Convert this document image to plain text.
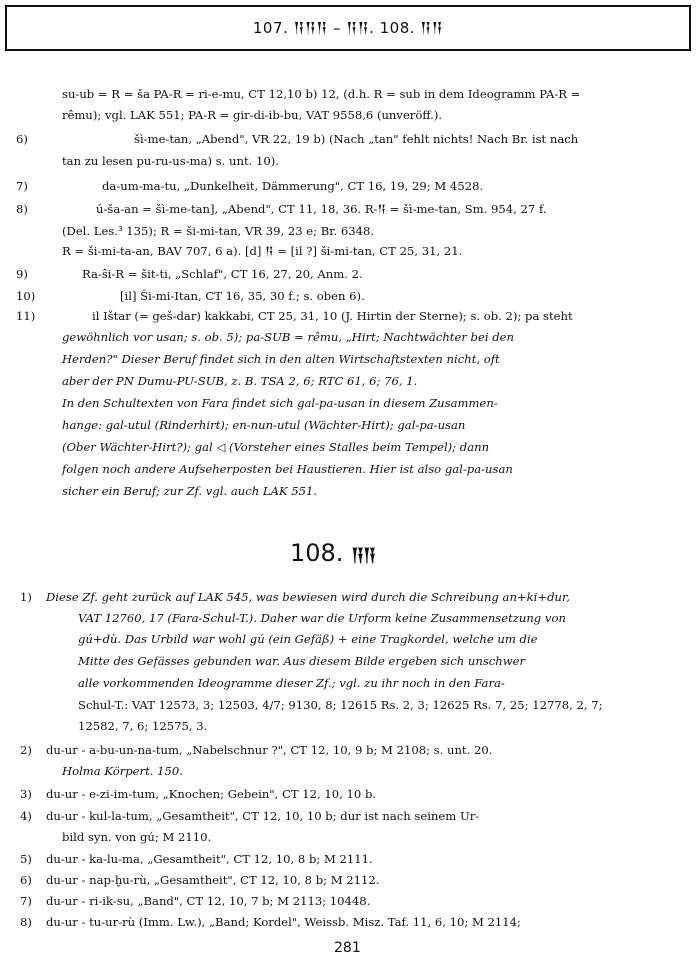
107. 𒀀𒀀𒀀 – 𒀀𒀀. 108. 𒀀𒀀
su-ub = R = ša PA-R = ri-e-mu, CT 12,10 b) 12, (d.h. R = sub in dem Ideogramm PA-R =
rêmu); vgl. LAK 551; PA-R = gir-di-ib-bu, VAT 9558,6 (unveröff.).
6)	šì-me-tan, „Abend", VR 22, 19 b) (Nach „tan" fehlt nichts! Nach Br. ist nach
tan zu lesen pu-ru-us-ma) s. unt. 10).
7)	da-um-ma-tu, „Dunkelheit, Dämmerung", CT 16, 19, 29; M 4528.
8)	ú-ša-an = šì-me-tan], „Abend", CT 11, 18, 36. R-𒀀 = šì-me-tan, Sm. 954, 27 f.
(Del. Les.³ 135); R = ši-mi-tan, VR 39, 23 e; Br. 6348.
R = ši-mi-ta-an, BAV 707, 6 a). [d] 𒀀 = [il ?] ši-mi-tan, CT 25, 31, 21.
9)	Ra-ŝi-R = šit-ti, „Schlaf", CT 16, 27, 20, Anm. 2.
10)	[il] Ši-mi-Itan, CT 16, 35, 30 f.; s. oben 6).
11)	il Ištar (= geš-dar) kakkabi, CT 25, 31, 10 (J. Hirtin der Sterne); s. ob. 2); pa steht
gewöhnlich vor usan; s. ob. 5); pa-SUB = rêmu, „Hirt; Nachtwächter bei den
Herden?" Dieser Beruf findet sich in den alten Wirtschaftstexten nicht, oft
aber der PN Dumu-PU-SUB, z. B. TSA 2, 6; RTC 61, 6; 76, 1.
In den Schultexten von Fara findet sich gal-pa-usan in diesem Zusammen-
hange: gal-utul (Rinderhirt); en-nun-utul (Wächter-Hirt); gal-pa-usan
(Ober Wächter-Hirt?); gal ◁ (Vorsteher eines Stalles beim Tempel); dann
folgen noch andere Aufseherposten bei Haustieren. Hier ist also gal-pa-usan
sicher ein Beruf; zur Zf. vgl. auch LAK 551.
108. 𒀀𒀀
1) Diese Zf. geht zurück auf LAK 545, was bewiesen wird durch die Schreibung an+ki+dur,
VAT 12760, 17 (Fara-Schul-T.). Daher war die Urform keine Zusammensetzung von
gú+dù. Das Urbild war wohl gú (ein Gefäß) + eine Tragkordel, welche um die
Mitte des Gefässes gebunden war. Aus diesem Bilde ergeben sich unschwer
alle vorkommenden Ideogramme dieser Zf.; vgl. zu ihr noch in den Fara-
Schul-T.: VAT 12573, 3; 12503, 4/7; 9130, 8; 12615 Rs. 2, 3; 12625 Rs. 7, 25; 12778, 2, 7;
12582, 7, 6; 12575, 3.
2) du-ur - a-bu-un-na-tum, „Nabelschnur ?", CT 12, 10, 9 b; M 2108; s. unt. 20.
Holma Körpert. 150.
3) du-ur - e-zi-im-tum, „Knochen; Gebein", CT 12, 10, 10 b.
4) du-ur - kul-la-tum, „Gesamtheit", CT 12, 10, 10 b; dur ist nach seinem Ur-
bild syn. von gú; M 2110.
5) du-ur - ka-lu-ma, „Gesamtheit", CT 12, 10, 8 b; M 2111.
6) du-ur - nap-ḫu-rù, „Gesamtheit", CT 12, 10, 8 b; M 2112.
7) du-ur - ri-ik-su, „Band", CT 12, 10, 7 b; M 2113; 10448.
8) du-ur - tu-ur-rù (Imm. Lw.), „Band; Kordel", Weissb. Misz. Taf. 11, 6, 10; M 2114;
281
